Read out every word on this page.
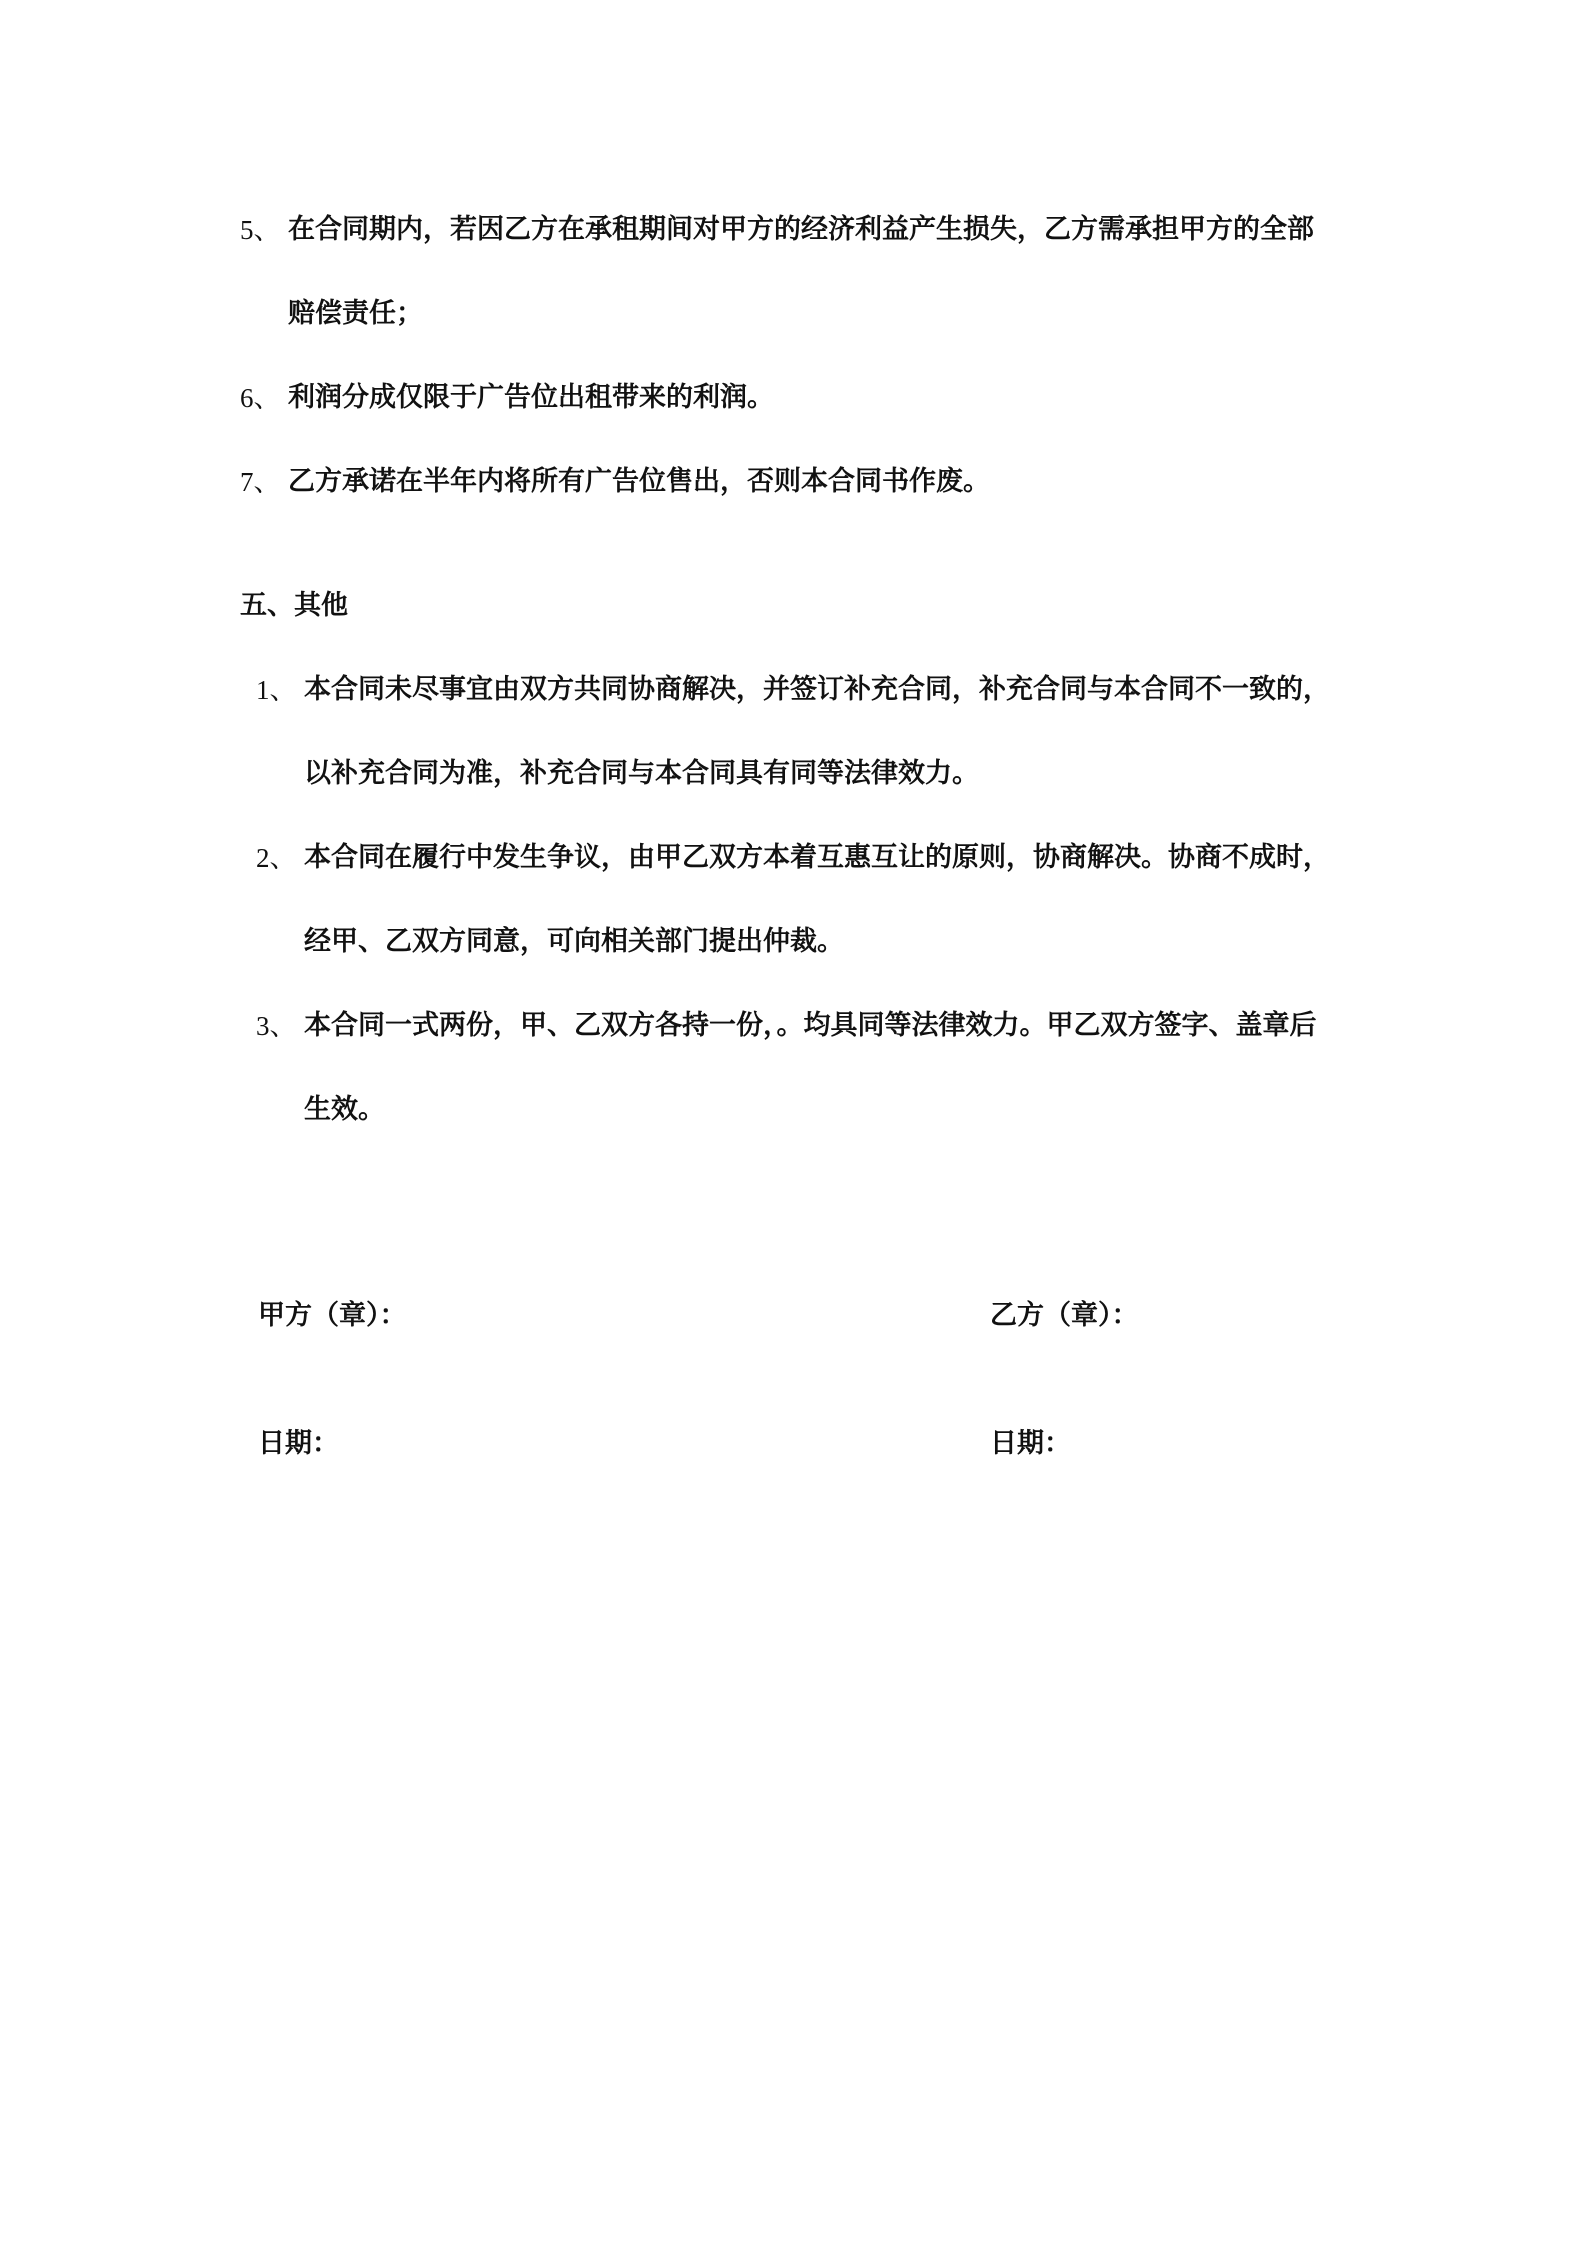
5、 在合同期内，若因乙方在承租期间对甲方的经济利益产生损失，乙方需承担甲方的全部
赔偿责任；
6、 利润分成仅限于广告位出租带来的利润。
7、 乙方承诺在半年内将所有广告位售出，否则本合同书作废。
五、其他
1、 本合同未尽事宜由双方共同协商解决，并签订补充合同，补充合同与本合同不一致的，
以补充合同为准，补充合同与本合同具有同等法律效力。
2、 本合同在履行中发生争议，由甲乙双方本着互惠互让的原则，协商解决。协商不成时，
经甲、乙双方同意，可向相关部门提出仲裁。
3、 本合同一式两份，甲、乙双方各持一份，。均具同等法律效力。甲乙双方签字、盖章后
生效。
甲方（章）：	乙方（章）：
日期：	日期：
